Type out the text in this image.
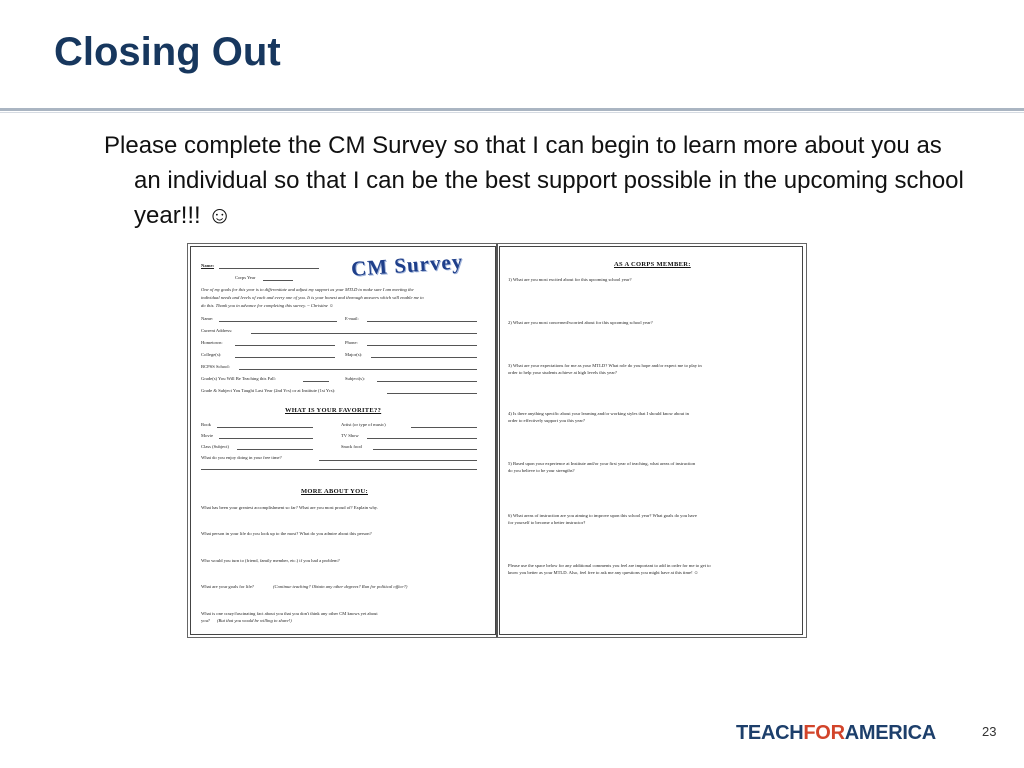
Closing Out
Please complete the CM Survey so that I can begin to learn more about you as an individual so that I can be the best support possible in the upcoming school year!!! ☺
Name:
Corps Year	CM Survey
One of my goals for this year is to differentiate and adjust my support as your MTLD to make sure I am meeting the
individual needs and levels of each and every one of you. It is your honest and thorough answers which will enable me to
do this. Thank you in advance for completing this survey. ~ Christine ☺
Name:	E-mail:
Current Address:
Hometown:	Phone:
College(s):	Major(s):
BCPSS School:
Grade(s) You Will Be Teaching this Fall:	Subject(s):
Grade & Subject You Taught Last Year (2nd Yrs) or at Institute (1st Yrs):
WHAT IS YOUR FAVORITE??
Book	Artist (or type of music)
Movie	TV Show
Class (Subject)	Snack food
What do you enjoy doing in your free time?
MORE ABOUT YOU:
What has been your greatest accomplishment so far? What are you most proud of? Explain why.
What person in your life do you look up to the most? What do you admire about this person?
Who would you turn to (friend, family member, etc.) if you had a problem?
What are your goals for life?	(Continue teaching? Obtain any other degrees? Run for political office?)
What is one crazy/fascinating fact about you that you don't think any other CM knows yet about
you? (But that you would be willing to share!)
AS A CORPS MEMBER:
1) What are you most excited about for this upcoming school year?
2) What are you most concerned/worried about for this upcoming school year?
3) What are your expectations for me as your MTLD? What role do you hope and/or expect me to play in
order to help your students achieve at high levels this year?
4) Is there anything specific about your learning and/or working styles that I should know about in
order to effectively support you this year?
5) Based upon your experience at Institute and/or your first year of teaching, what areas of instruction
do you believe to be your strengths?
6) What areas of instruction are you aiming to improve upon this school year? What goals do you have
for yourself to become a better instructor?
Please use the space below for any additional comments you feel are important to add in order for me to get to
know you better as your MTLD. Also, feel free to ask me any questions you might have at this time! ☺
TEACHFORAMERICA	23
